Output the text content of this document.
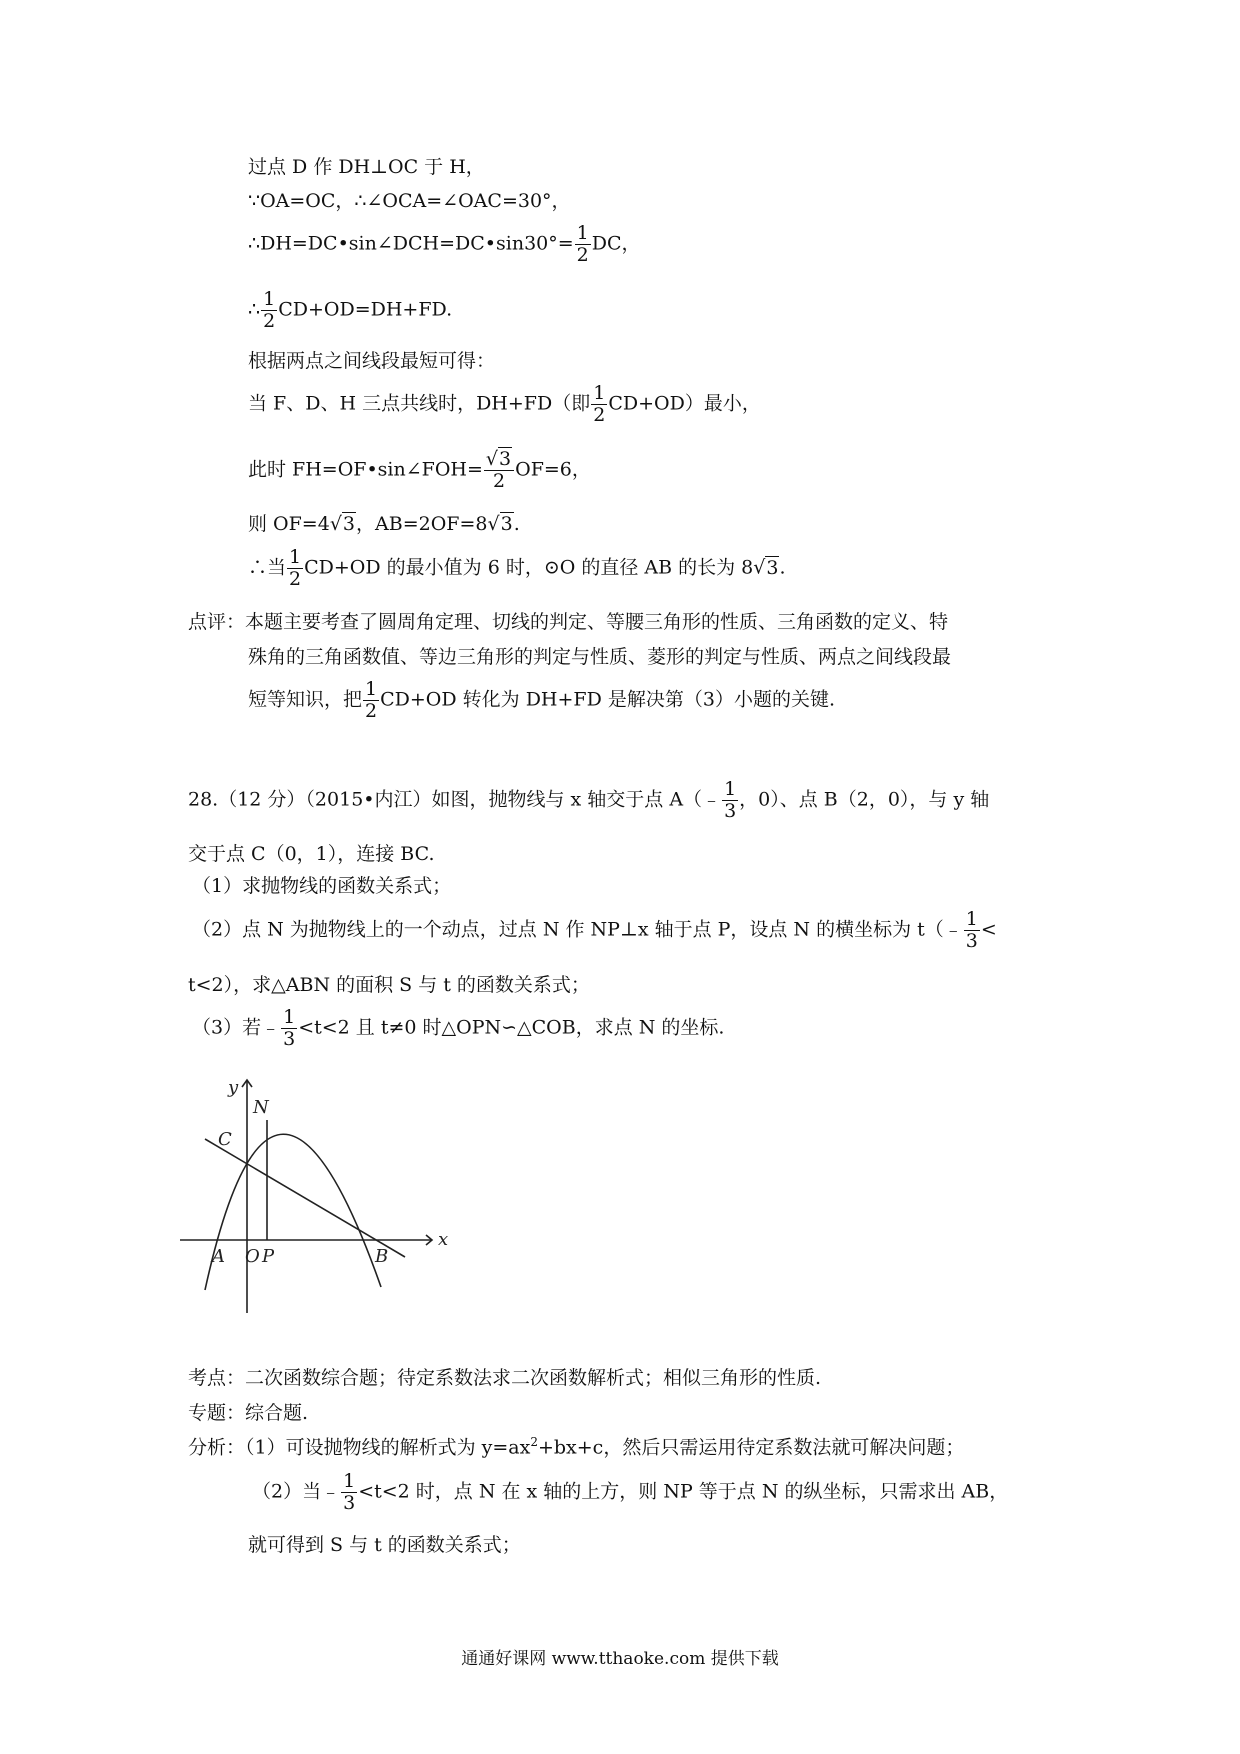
过点 D 作 DH⊥OC 于 H，
∵OA=OC，∴∠OCA=∠OAC=30°，
∴DH=DC•sin∠DCH=DC•sin30°= $\frac{1}{2}$ DC，
∴ $\frac{1}{2} CD+OD=DH+FD$.
根据两点之间线段最短可得：
当 F、D、H 三点共线时，DH+FD（即 $\frac{1}{2} CD+OD$）最小，
此时 FH=OF•sin∠FOH= $\frac{√3}{2} OF=6$，
则 OF=4√3，AB=2OF=8√3.
∴当 $\frac{1}{2} CD+OD$ 的最小值为 6 时，⊙O 的直径 AB 的长为 8√3.
点评：本题主要考查了圆周角定理、切线的判定、等腰三角形的性质、三角函数的定义、特
殊角的三角函数值、等边三角形的判定与性质、菱形的判定与性质、两点之间线段最
短等知识，把 $\frac{1}{2} CD+OD$ 转化为 DH+FD 是解决第（3）小题的关键.
28.（12 分）（2015•内江）如图，抛物线与 x 轴交于点 A（﹣ $\frac{1}{3}$ ，0）、点 B（2，0），与 y 轴
交于点 C（0，1），连接 BC.
（1）求抛物线的函数关系式；
（2）点 N 为抛物线上的一个动点，过点 N 作 NP⊥x 轴于点 P，设点 N 的横坐标为 t（﹣ $\frac{1}{3}$ <
t<2），求△ABN 的面积 S 与 t 的函数关系式；
（3）若﹣ $\frac{1}{3} <t<2$ 且 t≠0 时△OPN∽△COB，求点 N 的坐标.
y
x
N
C
A O P	B
考点：二次函数综合题；待定系数法求二次函数解析式；相似三角形的性质.
专题：综合题.
分析：（1）可设抛物线的解析式为 $y=ax^2+bx+c$，然后只需运用待定系数法就可解决问题；
（2）当﹣ $\frac{1}{3} <t<2$ 时，点 N 在 x 轴的上方，则 NP 等于点 N 的纵坐标，只需求出 AB，
就可得到 S 与 t 的函数关系式；
通通好课网 www.tthaoke.com 提供下载
